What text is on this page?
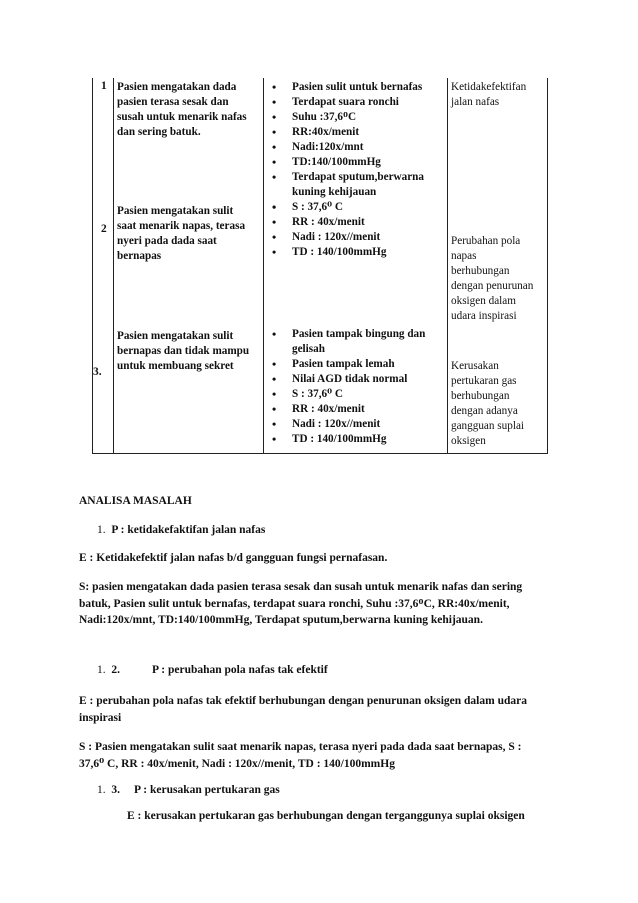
1 Pasien mengatakan dada
pasien terasa sesak dan
susah untuk menarik nafas
dan sering batuk.
• Pasien sulit untuk bernafas
• Terdapat suara ronchi
• Suhu :37,6ᴼC
• RR:40x/menit
• Nadi:120x/mnt
• TD:140/100mmHg
• Terdapat sputum,berwarna kuning kehijauan
•
Ketidakefektifan
jalan nafas
2
Pasien mengatakan sulit
saat menarik napas, terasa
nyeri pada dada saat
bernapas
• S : 37,6⁰ C
• RR : 40x/menit
• Nadi : 120x//menit
• TD : 140/100mmHg
Perubahan pola
napas
berhubungan
dengan penurunan
oksigen dalam
udara inspirasi
3.
Pasien mengatakan sulit
bernapas dan tidak mampu
untuk membuang sekret
• Pasien tampak bingung dan gelisah
• Pasien tampak lemah
• Nilai AGD tidak normal
• S : 37,6⁰ C
• RR : 40x/menit
• Nadi : 120x//menit
• TD : 140/100mmHg
Kerusakan
pertukaran gas
berhubungan
dengan adanya
gangguan suplai
oksigen
ANALISA MASALAH
1. P : ketidakefaktifan jalan nafas
E : Ketidakefektif jalan nafas b/d gangguan fungsi pernafasan.
S: pasien mengatakan dada pasien terasa sesak dan susah untuk menarik nafas dan sering
batuk, Pasien sulit untuk bernafas, terdapat suara ronchi, Suhu :37,6ᴼC, RR:40x/menit,
Nadi:120x/mnt, TD:140/100mmHg, Terdapat sputum,berwarna kuning kehijauan.
1. 2.	P : perubahan pola nafas tak efektif
E : perubahan pola nafas tak efektif berhubungan dengan penurunan oksigen dalam udara
inspirasi
S : Pasien mengatakan sulit saat menarik napas, terasa nyeri pada dada saat bernapas, S :
37,6⁰ C, RR : 40x/menit, Nadi : 120x//menit, TD : 140/100mmHg
1. 3. P : kerusakan pertukaran gas
E : kerusakan pertukaran gas berhubungan dengan terganggunya suplai oksigen
